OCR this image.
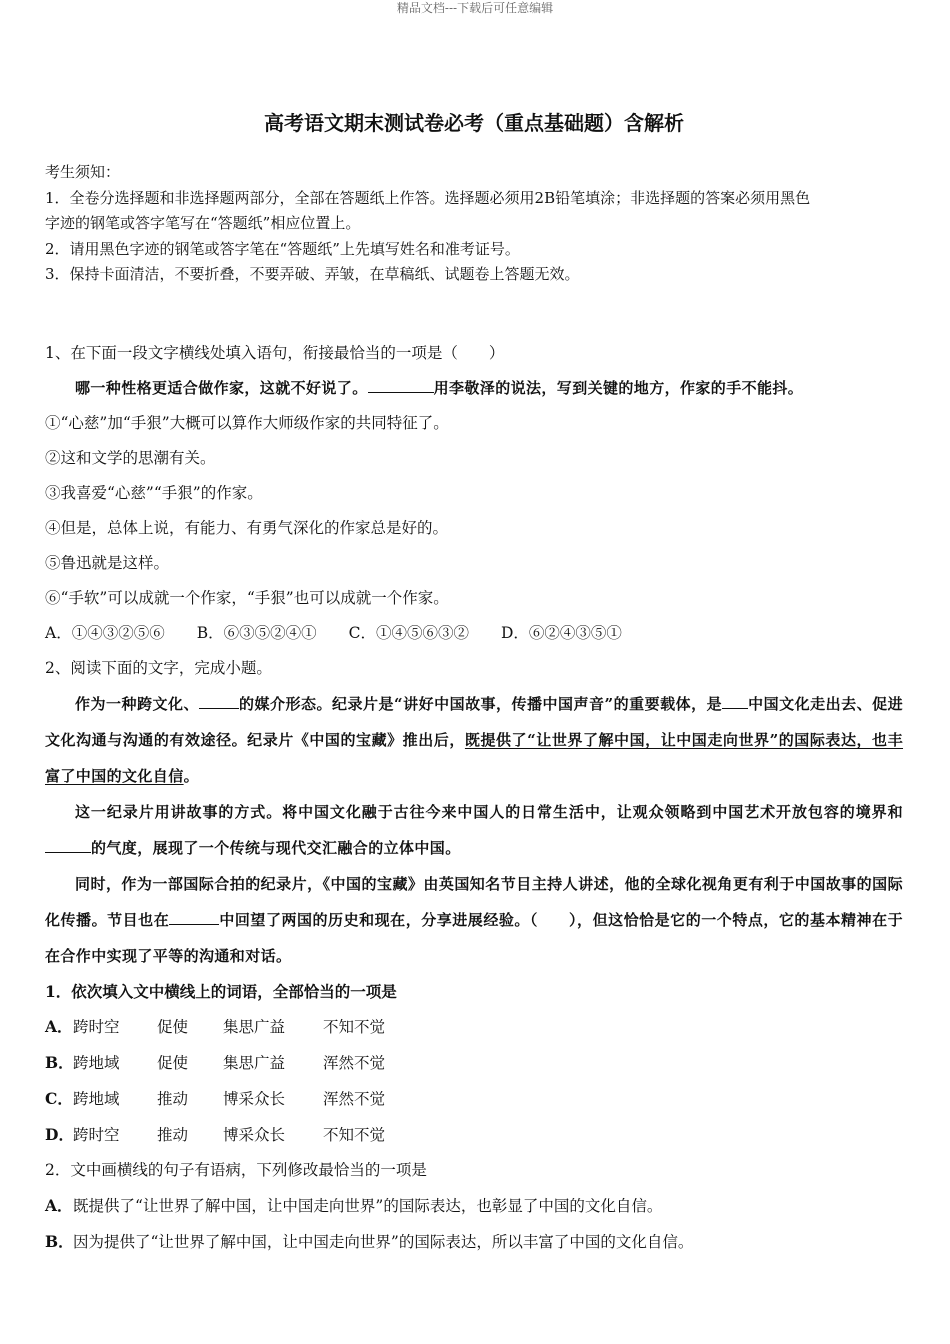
精品文档---下载后可任意编辑
高考语文期末测试卷必考（重点基础题）含解析

考生须知：

1．全卷分选择题和非选择题两部分，全部在答题纸上作答。选择题必须用2B铅笔填涂；非选择题的答案必须用黑色

字迹的钢笔或答字笔写在“答题纸”相应位置上。

2．请用黑色字迹的钢笔或答字笔在“答题纸”上先填写姓名和准考证号。

3．保持卡面清洁，不要折叠，不要弄破、弄皱，在草稿纸、试题卷上答题无效。

1、在下面一段文字横线处填入语句，衔接最恰当的一项是（　　）

哪一种性格更适合做作家，这就不好说了。	用李敬泽的说法，写到关键的地方，作家的手不能抖。

①“心慈”加“手狠”大概可以算作大师级作家的共同特征了。

②这和文学的思潮有关。

③我喜爱“心慈”“手狠”的作家。

④但是，总体上说，有能力、有勇气深化的作家总是好的。

⑤鲁迅就是这样。

⑥“手软”可以成就一个作家，“手狠”也可以成就一个作家。

A．①④③②⑤⑥ B．⑥③⑤②④① C．①④⑤⑥③② D．⑥②④③⑤①

2、阅读下面的文字，完成小题。

作为一种跨文化、	的媒介形态。纪录片是“讲好中国故事，传播中国声音”的重要载体，是 中国文化走出去、促进文化沟通与沟通的有效途径。纪录片《中国的宝藏》推出后，既提供了“让世界了解中国，让中国走向世界”的国际表达，也丰富了中国的文化自信。

这一纪录片用讲故事的方式。将中国文化融于古往今来中国人的日常生活中，让观众领略到中国艺术开放包容的境界和的气度，展现了一个传统与现代交汇融合的立体中国。

同时，作为一部国际合拍的纪录片，《中国的宝藏》由英国知名节目主持人讲述，他的全球化视角更有利于中国故事的国际化传播。节目也在	中回望了两国的历史和现在，分享进展经验。（　　），但这恰恰是它的一个特点，它的基本精神在于在合作中实现了平等的沟通和对话。

1．依次填入文中横线上的词语，全部恰当的一项是

A．跨时空 促使 集思广益 不知不觉

B．跨地域 促使 集思广益 浑然不觉

C．跨地域 推动 博采众长 浑然不觉

D．跨时空 推动 博采众长 不知不觉

2．文中画横线的句子有语病，下列修改最恰当的一项是

A．既提供了“让世界了解中国，让中国走向世界”的国际表达，也彰显了中国的文化自信。

B．因为提供了“让世界了解中国，让中国走向世界”的国际表达，所以丰富了中国的文化自信。
